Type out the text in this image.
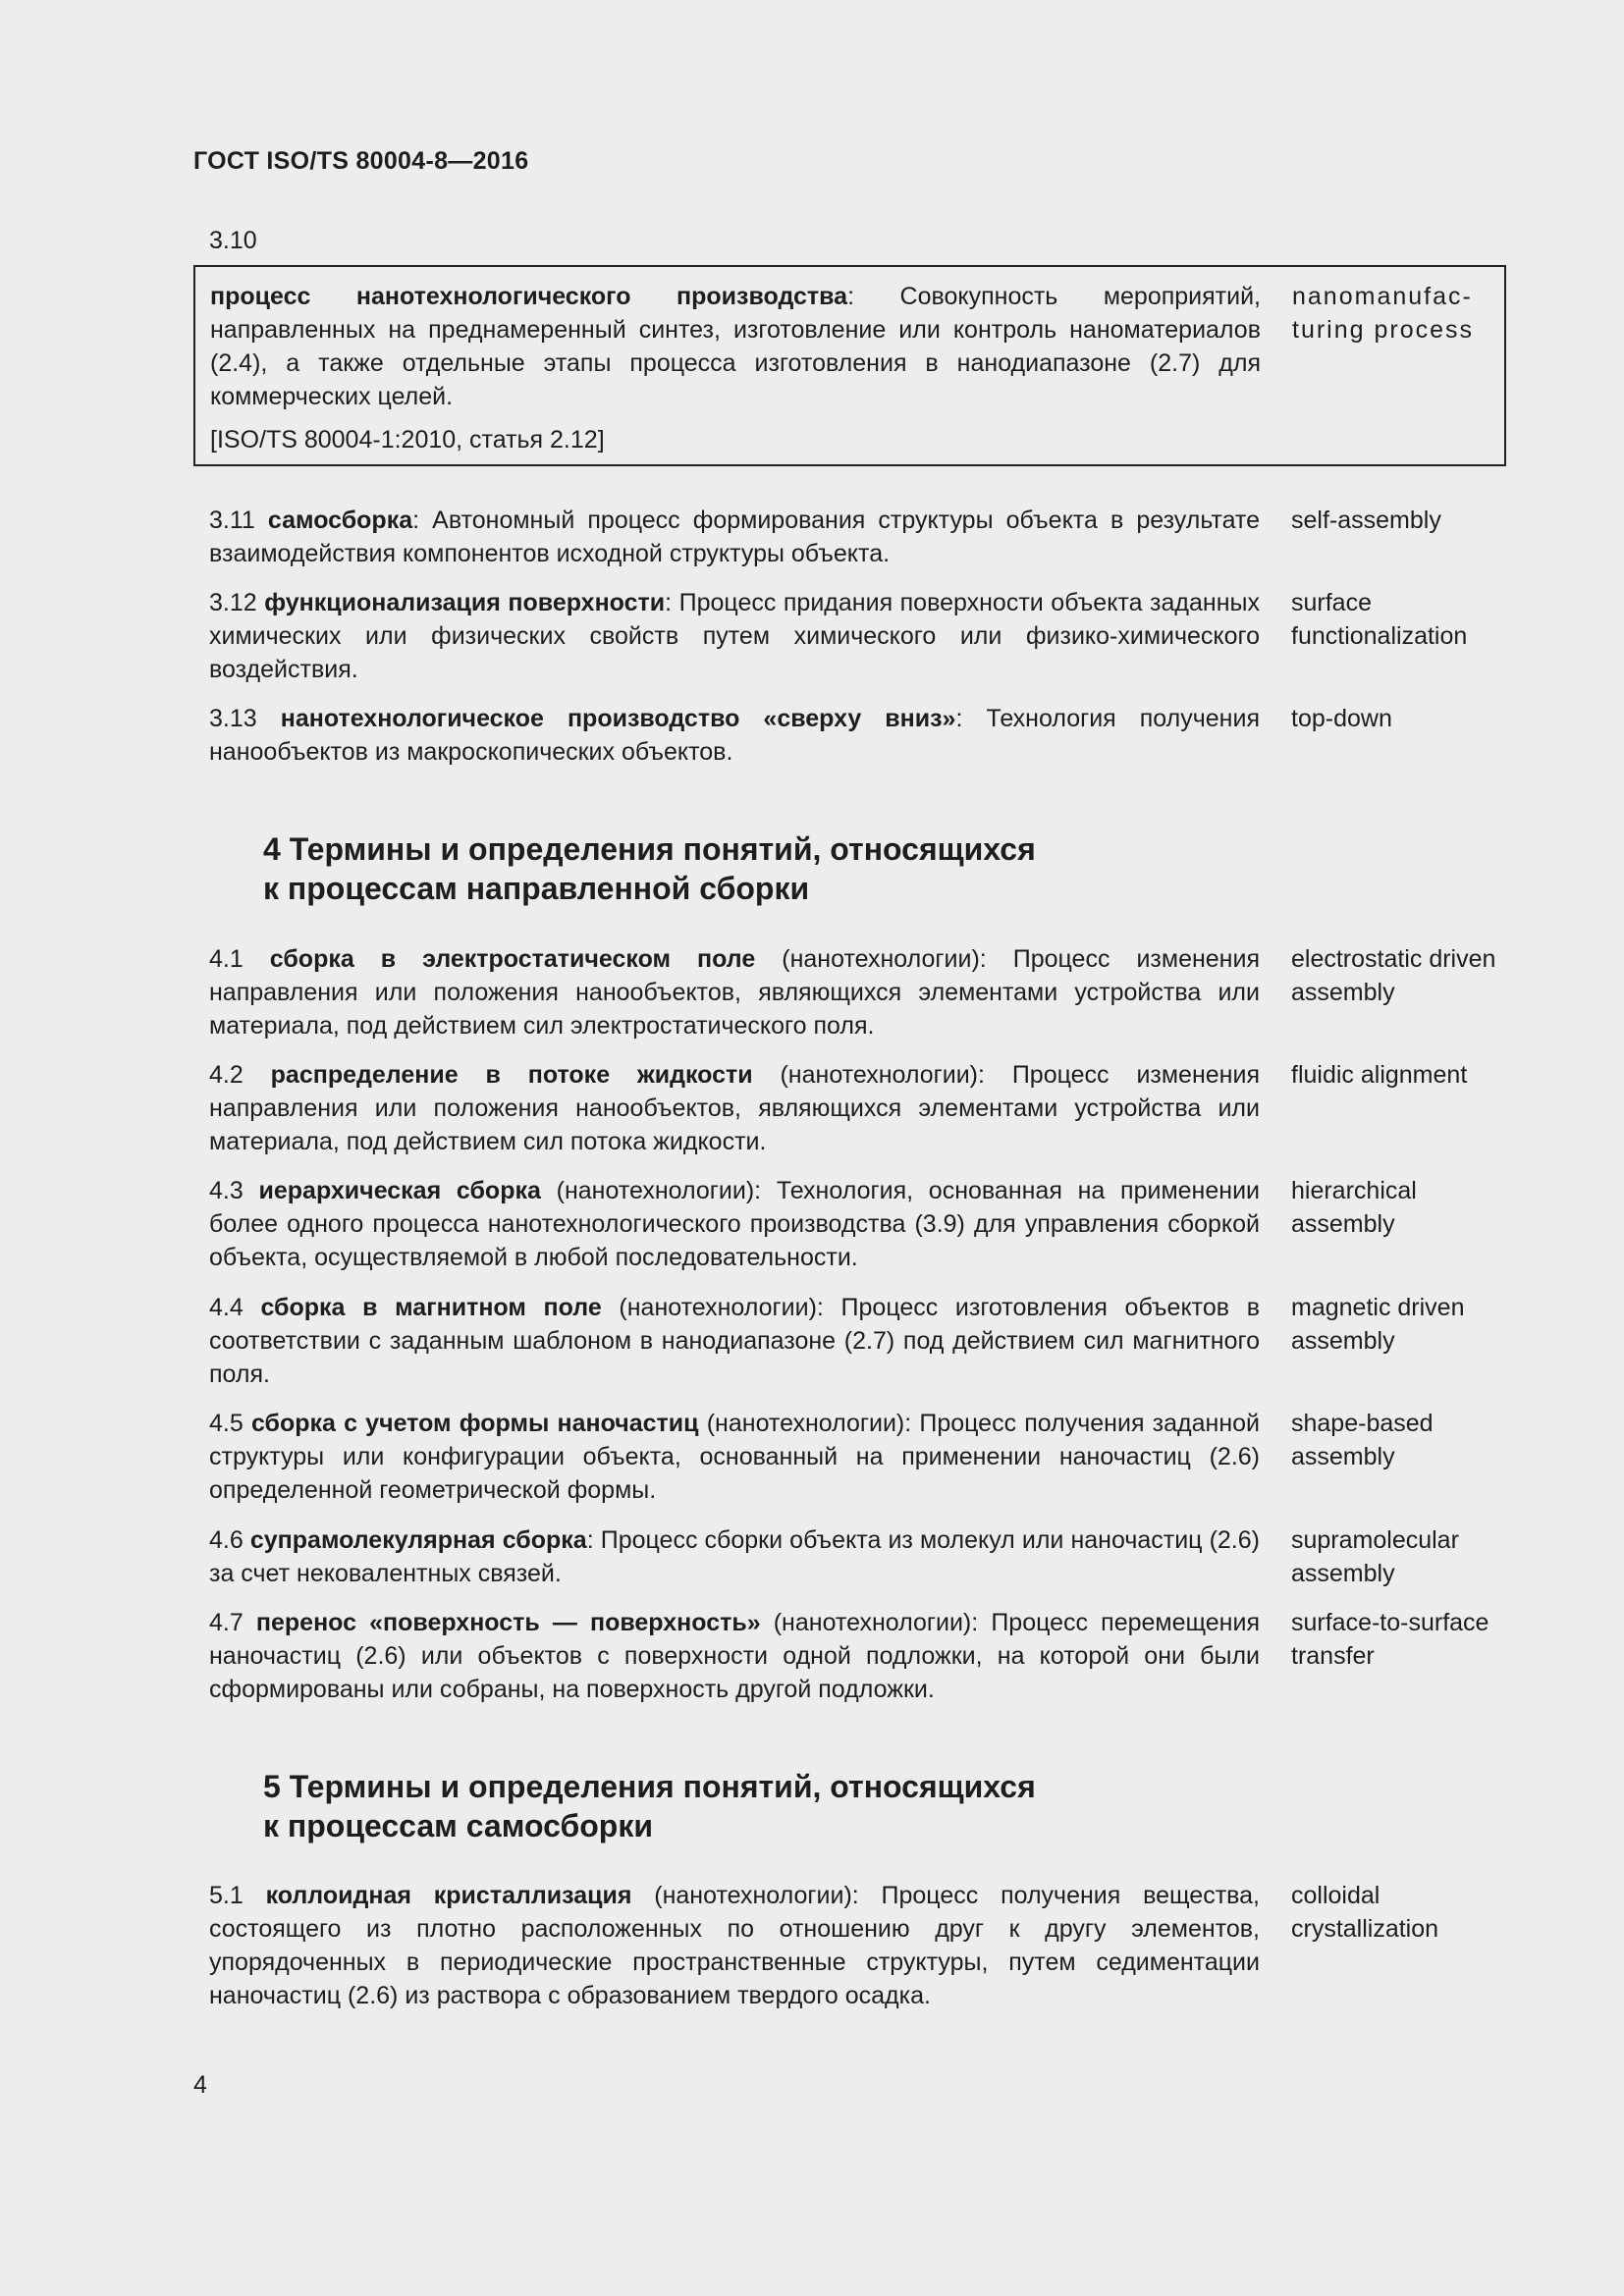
ГОСТ ISO/TS 80004-8—2016
3.10
процесс нанотехнологического производства: Совокупность мероприятий, направленных на преднамеренный синтез, изготовление или контроль наноматериалов (2.4), а также отдельные этапы процесса изготовления в нанодиапазоне (2.7) для коммерческих целей.
[ISO/TS 80004-1:2010, статья 2.12]
nanomanufacturing process
3.11 самосборка: Автономный процесс формирования структуры объекта в результате взаимодействия компонентов исходной структуры объекта.
self-assembly
3.12 функционализация поверхности: Процесс придания поверхности объекта заданных химических или физических свойств путем химического или физико-химического воздействия.
surface functionalization
3.13 нанотехнологическое производство «сверху вниз»: Технология получения нанообъектов из макроскопических объектов.
top-down
4 Термины и определения понятий, относящихся
к процессам направленной сборки
4.1 сборка в электростатическом поле (нанотехнологии): Процесс изменения направления или положения нанообъектов, являющихся элементами устройства или материала, под действием сил электростатического поля.
electrostatic driven assembly
4.2 распределение в потоке жидкости (нанотехнологии): Процесс изменения направления или положения нанообъектов, являющихся элементами устройства или материала, под действием сил потока жидкости.
fluidic alignment
4.3 иерархическая сборка (нанотехнологии): Технология, основанная на применении более одного процесса нанотехнологического производства (3.9) для управления сборкой объекта, осуществляемой в любой последовательности.
hierarchical assembly
4.4 сборка в магнитном поле (нанотехнологии): Процесс изготовления объектов в соответствии с заданным шаблоном в нанодиапазоне (2.7) под действием сил магнитного поля.
magnetic driven assembly
4.5 сборка с учетом формы наночастиц (нанотехнологии): Процесс получения заданной структуры или конфигурации объекта, основанный на применении наночастиц (2.6) определенной геометрической формы.
shape-based assembly
4.6 супрамолекулярная сборка: Процесс сборки объекта из молекул или наночастиц (2.6) за счет нековалентных связей.
supramolecular assembly
4.7 перенос «поверхность — поверхность» (нанотехнологии): Процесс перемещения наночастиц (2.6) или объектов с поверхности одной подложки, на которой они были сформированы или собраны, на поверхность другой подложки.
surface-to-surface transfer
5 Термины и определения понятий, относящихся
к процессам самосборки
5.1 коллоидная кристаллизация (нанотехнологии): Процесс получения вещества, состоящего из плотно расположенных по отношению друг к другу элементов, упорядоченных в периодические пространственные структуры, путем седиментации наночастиц (2.6) из раствора с образованием твердого осадка.
colloidal crystallization
4
